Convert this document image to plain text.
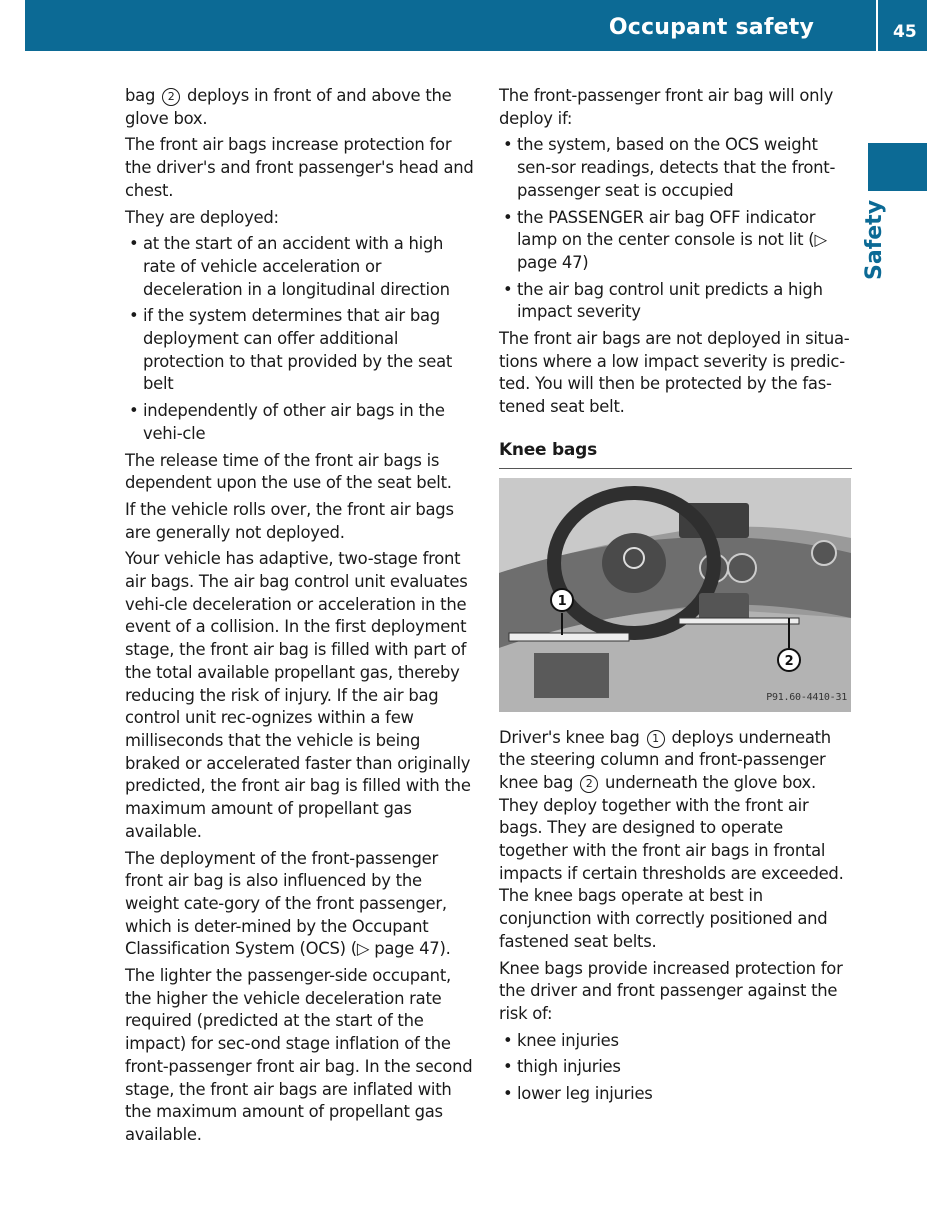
Occupant safety	45
Safety

bag 2 deploys in front of and above the glove box.

The front air bags increase protection for the driver's and front passenger's head and chest.

They are deployed:

• at the start of an accident with a high rate of vehicle acceleration or deceleration in a longitudinal direction
• if the system determines that air bag deployment can offer additional protection to that provided by the seat belt
• independently of other air bags in the vehi-cle

The release time of the front air bags is dependent upon the use of the seat belt.

If the vehicle rolls over, the front air bags are generally not deployed.

Your vehicle has adaptive, two-stage front air bags. The air bag control unit evaluates vehi-cle deceleration or acceleration in the event of a collision. In the first deployment stage, the front air bag is filled with part of the total available propellant gas, thereby reducing the risk of injury. If the air bag control unit rec-ognizes within a few milliseconds that the vehicle is being braked or accelerated faster than originally predicted, the front air bag is filled with the maximum amount of propellant gas available.

The deployment of the front-passenger front air bag is also influenced by the weight cate-gory of the front passenger, which is deter-mined by the Occupant Classification System (OCS) (▷ page 47).

The lighter the passenger-side occupant, the higher the vehicle deceleration rate required (predicted at the start of the impact) for sec-ond stage inflation of the front-passenger front air bag. In the second stage, the front air bags are inflated with the maximum amount of propellant gas available.

The front-passenger front air bag will only deploy if:

• the system, based on the OCS weight sen-sor readings, detects that the front-passenger seat is occupied
• the PASSENGER air bag OFF indicator lamp on the center console is not lit (▷ page 47)
• the air bag control unit predicts a high impact severity

The front air bags are not deployed in situa-tions where a low impact severity is predic-ted. You will then be protected by the fas-tened seat belt.

Knee bags
1
2
P91.60-4410-31

Driver's knee bag 1 deploys underneath the steering column and front-passenger knee bag 2 underneath the glove box. They deploy together with the front air bags. They are designed to operate together with the front air bags in frontal impacts if certain thresholds are exceeded. The knee bags operate at best in conjunction with correctly positioned and fastened seat belts.

Knee bags provide increased protection for the driver and front passenger against the risk of:

• knee injuries
• thigh injuries
• lower leg injuries
